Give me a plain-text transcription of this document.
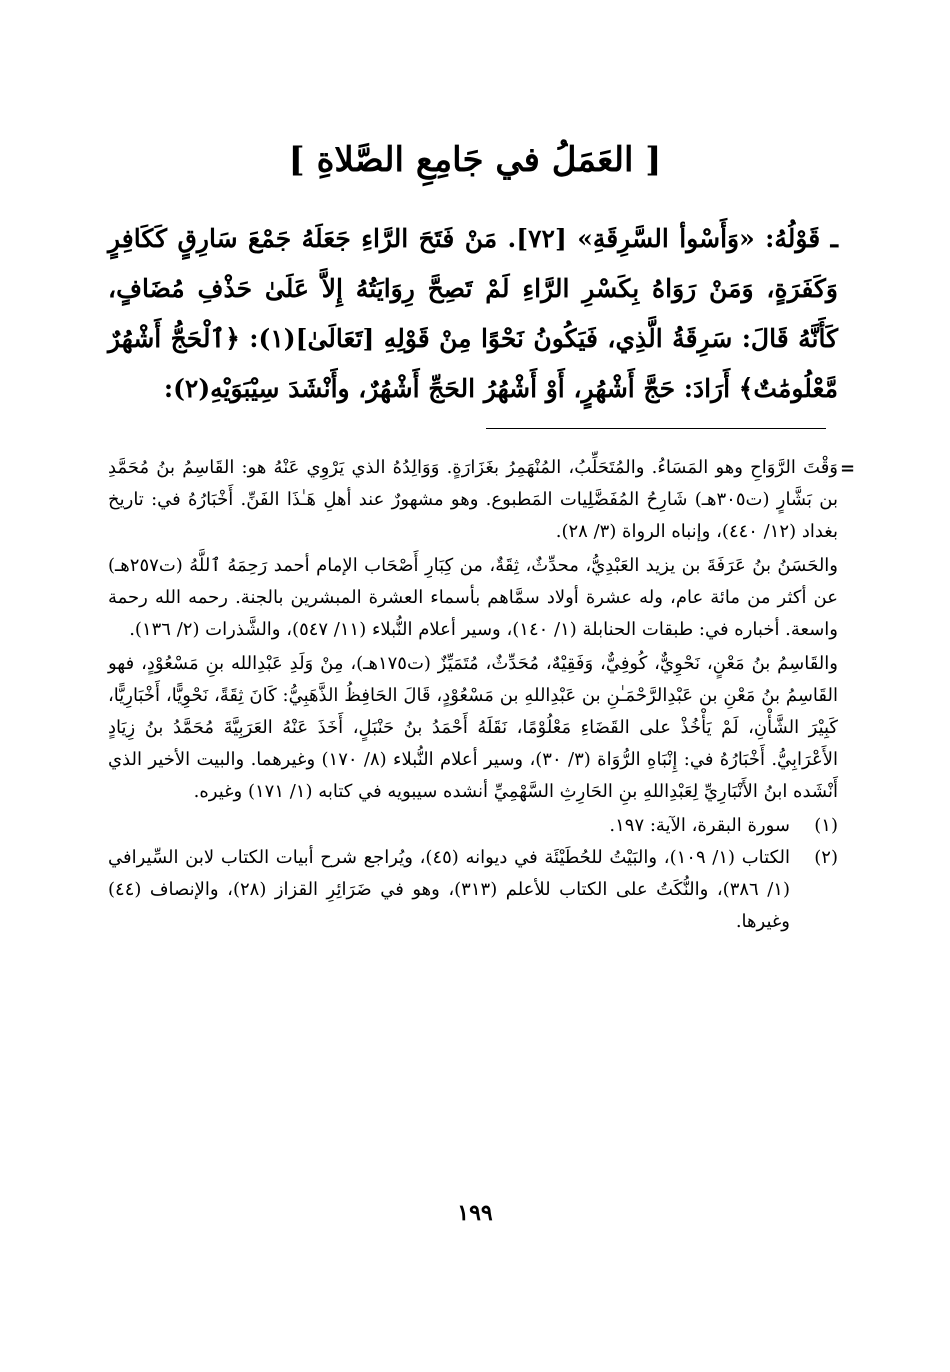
[ العَمَلُ في جَامِعِ الصَّلاةِ ]

ـ قَوْلُهُ: «وَأَسْوأ السَّرِقَةِ» [٧٢]. مَنْ فَتَحَ الرَّاءِ جَعَلَهُ جَمْعَ سَارِقٍ كَكَافِرٍ وَكَفَرَةٍ، وَمَنْ رَوَاهُ بِكَسْرِ الرَّاءِ لَمْ تَصِحَّ رِوَايَتُهُ إِلاَّ عَلَىٰ حَذْفِ مُضَافٍ، كَأَنَّهُ قَالَ: سَرِقَةُ الَّذِي، فَيَكُونُ نَحْوًا مِنْ قَوْلِهِ [تَعَالَىٰ](١): ﴿ٱلْحَجُّ أَشْهُرٌ مَّعْلُومَٰتٌ﴾ أَرَادَ: حَجَّ أَشْهُرٍ، أَوْ أَشْهُرُ الحَجِّ أَشْهُرٌ، وأَنْشَدَ سِيْبَوَيْهِ(٢):

=

وَقْتَ الرَّوَاحِ وهو المَسَاءُ. والمُتَحَلِّبُ، المُنْهَمِرُ بغَزَارَةٍ. وَوَالِدُهُ الذي يَرْوِي عَنْهُ هو: القَاسِمُ بنُ مُحَمَّدِ بن بَشَّارٍ (ت٣٠٥هـ) شَارِحُ المُفَضَّلِيات المَطبوع. وهو مشهورٌ عند أهلِ هَـٰذَا الفَنِّ. أَخْبَارُهُ في: تاريخ بغداد (١٢/ ٤٤٠)، وإنباه الرواة (٣/ ٢٨).

والحَسَنُ بنُ عَرَفَةَ بن يزيد العَبْدِيُّ، محدِّثٌ، ثِقَةٌ، من كِبَارِ أَصْحَاب الإمام أحمد رَحِمَهُ ٱللَّهُ (ت٢٥٧هـ) عن أكثر من مائة عام، وله عشرة أولاد سمَّاهم بأسماء العشرة المبشرين بالجنة. رحمه الله رحمة واسعة. أخباره في: طبقات الحنابلة (١/ ١٤٠)، وسير أعلام النُّبلاء (١١/ ٥٤٧)، والشَّذرات (٢/ ١٣٦).

والقَاسِمُ بنُ مَعْنٍ، نَحْوِيٌّ، كُوفِيٌّ، وَفَقِيْهٌ، مُحَدِّثٌ، مُتَمَيِّزٌ (ت١٧٥هـ)، مِنْ وَلَدِ عَبْدِالله بنِ مَسْعُوْدٍ، فهو القَاسِمُ بنُ مَعْنِ بن عَبْدِالرَّحْمَـٰنِ بن عَبْدِاللهِ بن مَسْعُوْدٍ، قَالَ الحَافِظُ الذَّهَبِيُّ: كَانَ ثِقَةً، نَحْوِيًّا، أَخْبَارِيًّا، كَبِيْرَ الشَّأْنِ، لَمْ يَأْخُذْ على القَضَاءِ مَعْلُوْمًا، نَقَلَهُ أَحْمَدُ بنُ حَنْبَلٍ، أَخَذَ عَنْهُ العَرَبِيَّةَ مُحَمَّدُ بنُ زِيَادٍ الأَعْرَابِيُّ. أَخْبَارُهُ في: إِنْبَاهِ الرُّوَاة (٣/ ٣٠)، وسير أعلام النُّبلاء (٨/ ١٧٠) وغيرهما. والبيت الأخير الذي أَنْشَده ابنُ الأَنْبَارِيِّ لِعَبْدِاللهِ بنِ الحَارِثِ السَّهْمِيِّ أنشده سيبويه في كتابه (١/ ١٧١) وغيره.

(١)

سورة البقرة، الآية: ١٩٧.

(٢)

الكتاب (١/ ١٠٩)، والبَيْتُ للحُطَيْئَة في ديوانه (٤٥)، ويُراجع شرح أبيات الكتاب لابن السِّيرافي (١/ ٣٨٦)، والنُّكَتُ على الكتاب للأعلم (٣١٣)، وهو في ضَرَائِرِ القزاز (٢٨)، والإنصاف (٤٤) وغيرها.

١٩٩
